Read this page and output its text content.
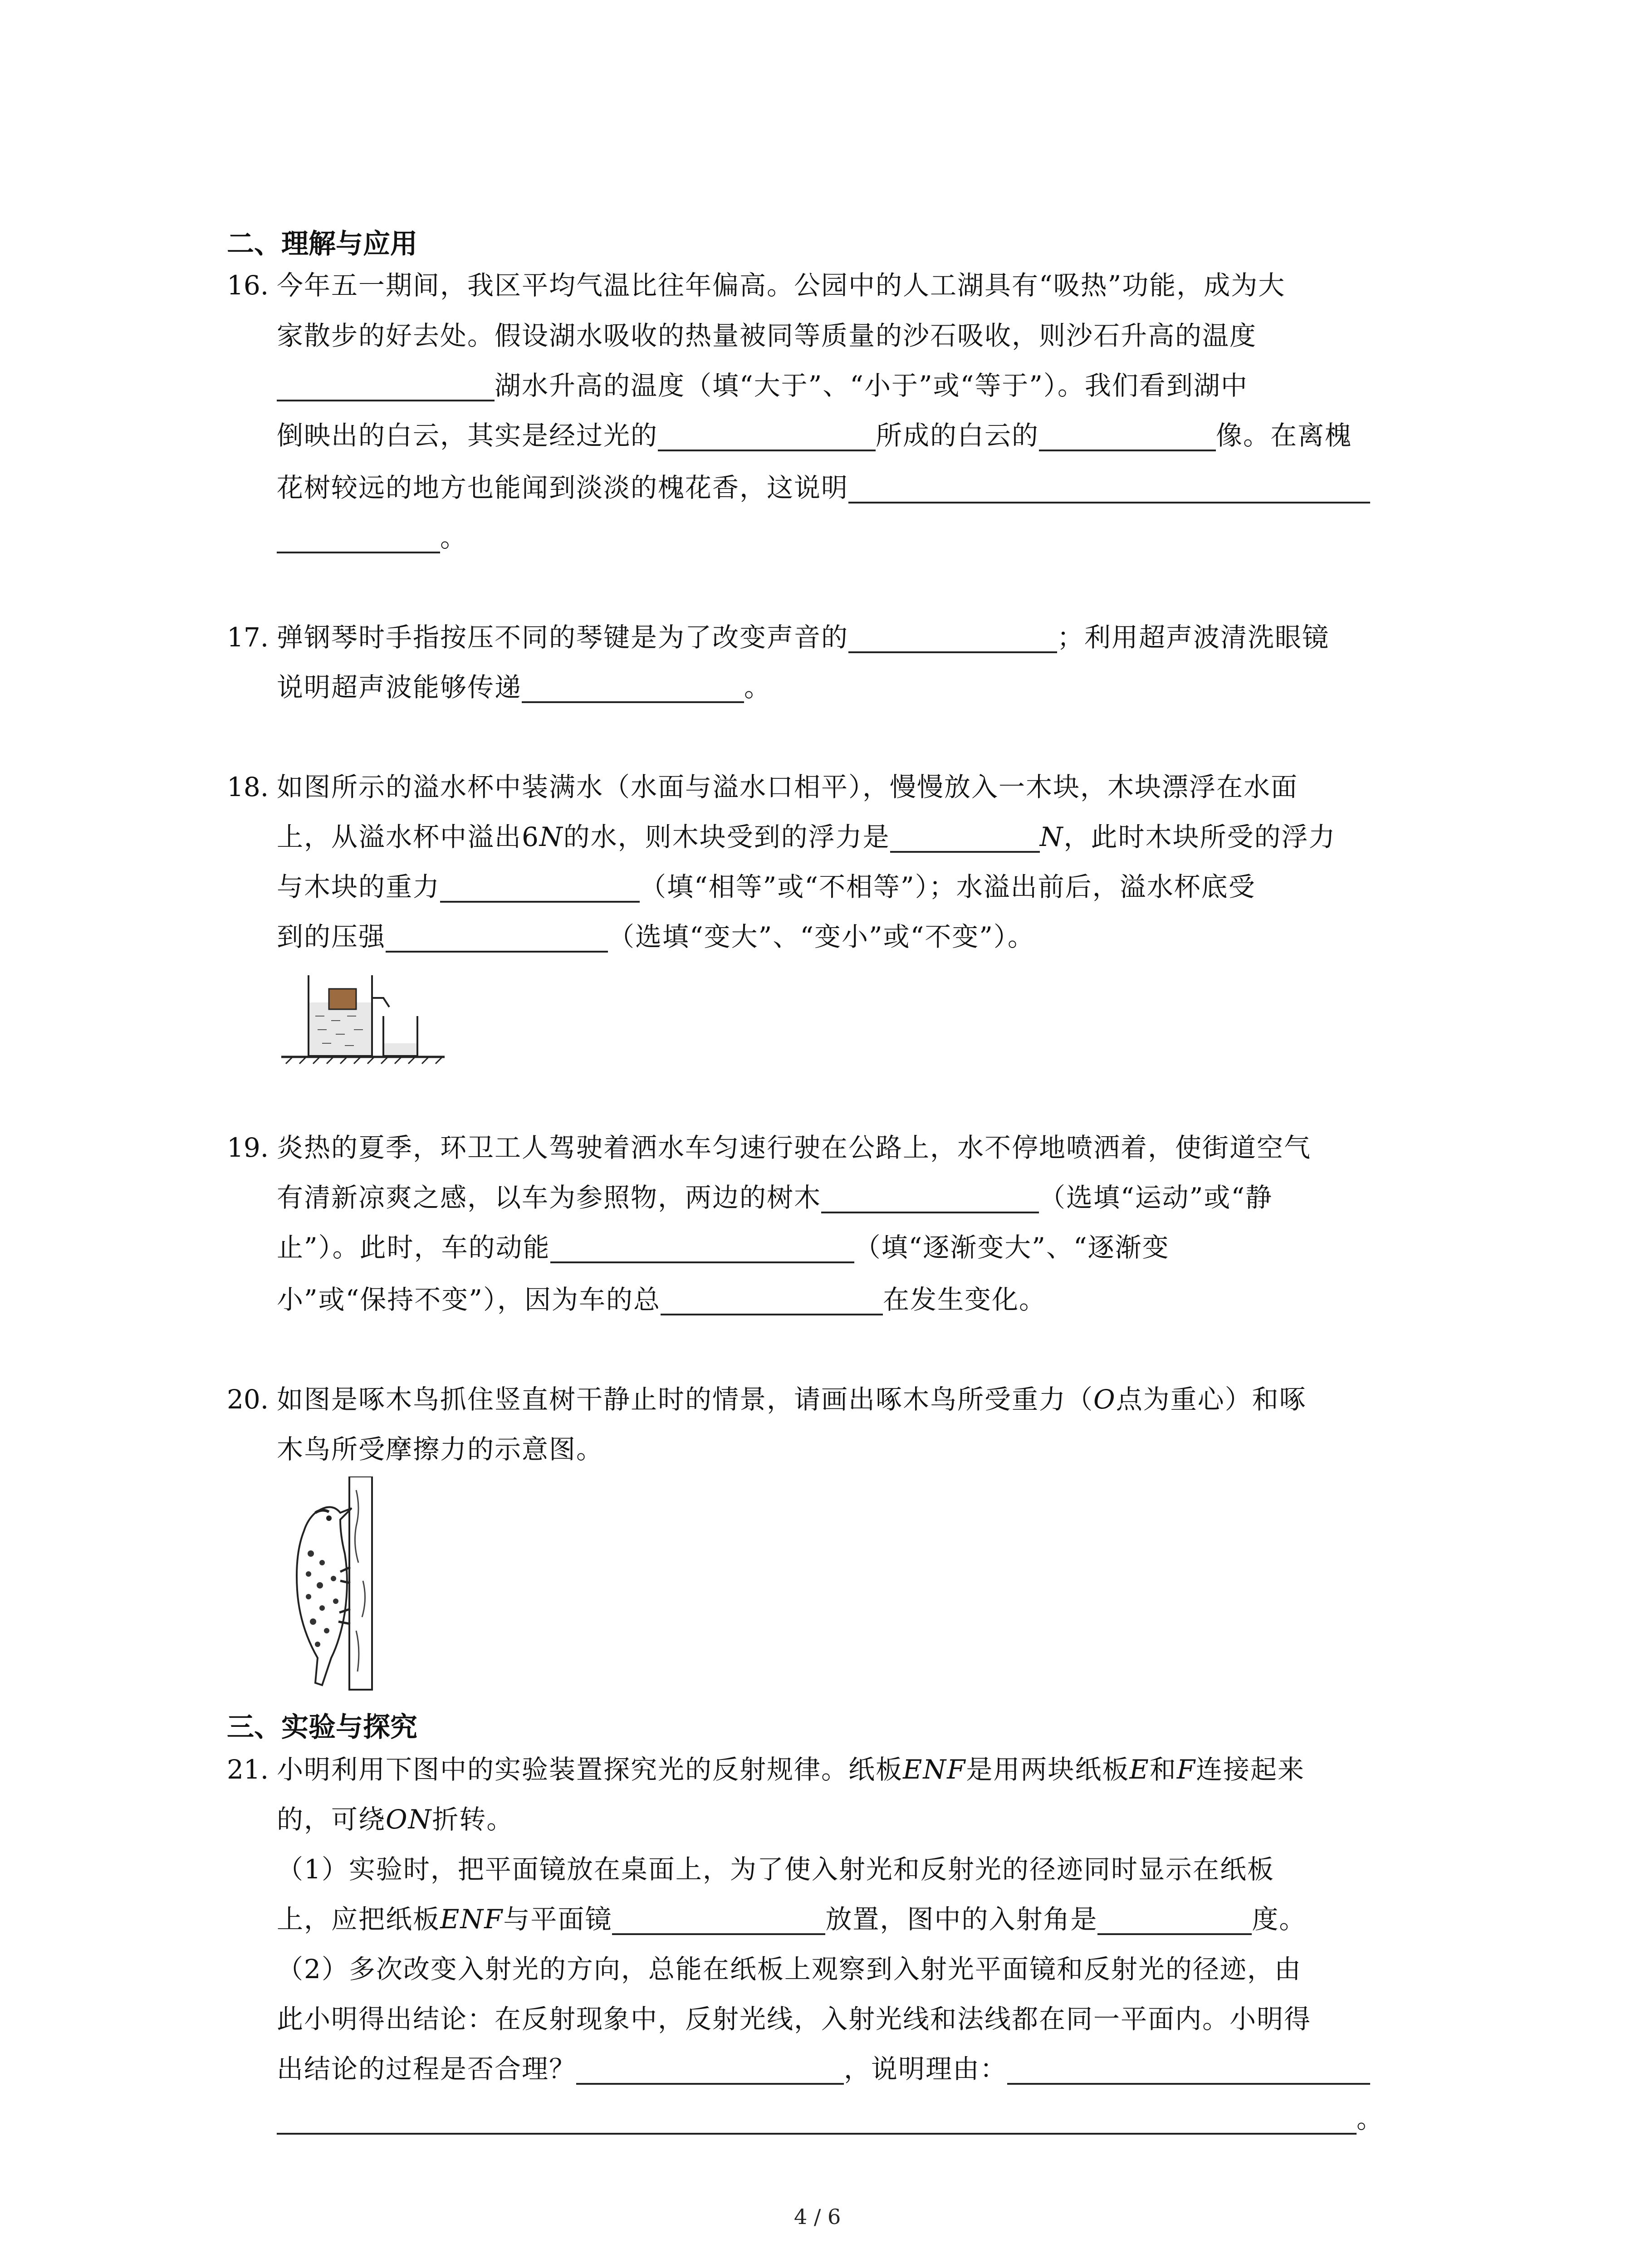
二、理解与应用
16. 今年五一期间，我区平均气温比往年偏高。公园中的人工湖具有“吸热”功能，成为大
家散步的好去处。假设湖水吸收的热量被同等质量的沙石吸收，则沙石升高的温度
湖水升高的温度（填“大于”、“小于”或“等于”）。我们看到湖中
倒映出的白云，其实是经过光的	所成的白云的	像。在离槐
花树较远的地方也能闻到淡淡的槐花香，这说明
。
17. 弹钢琴时手指按压不同的琴键是为了改变声音的	；利用超声波清洗眼镜
说明超声波能够传递	。
18. 如图所示的溢水杯中装满水（水面与溢水口相平），慢慢放入一木块，木块漂浮在水面
上，从溢水杯中溢出6N的水，则木块受到的浮力是	N，此时木块所受的浮力
与木块的重力	（填“相等”或“不相等”）；水溢出前后，溢水杯底受
到的压强	（选填“变大”、“变小”或“不变”）。
19. 炎热的夏季，环卫工人驾驶着洒水车匀速行驶在公路上，水不停地喷洒着，使街道空气
有清新凉爽之感，以车为参照物，两边的树木	（选填“运动”或“静
止”）。此时，车的动能	（填“逐渐变大”、“逐渐变
小”或“保持不变”），因为车的总	在发生变化。
20. 如图是啄木鸟抓住竖直树干静止时的情景，请画出啄木鸟所受重力（O点为重心）和啄
木鸟所受摩擦力的示意图。
三、实验与探究
21. 小明利用下图中的实验装置探究光的反射规律。纸板ENF是用两块纸板E和F连接起来
的，可绕ON折转。
（1）实验时，把平面镜放在桌面上，为了使入射光和反射光的径迹同时显示在纸板
上，应把纸板ENF与平面镜	放置，图中的入射角是	度。
（2）多次改变入射光的方向，总能在纸板上观察到入射光平面镜和反射光的径迹，由
此小明得出结论：在反射现象中，反射光线，入射光线和法线都在同一平面内。小明得
出结论的过程是否合理？	，说明理由：
。
4 / 6
